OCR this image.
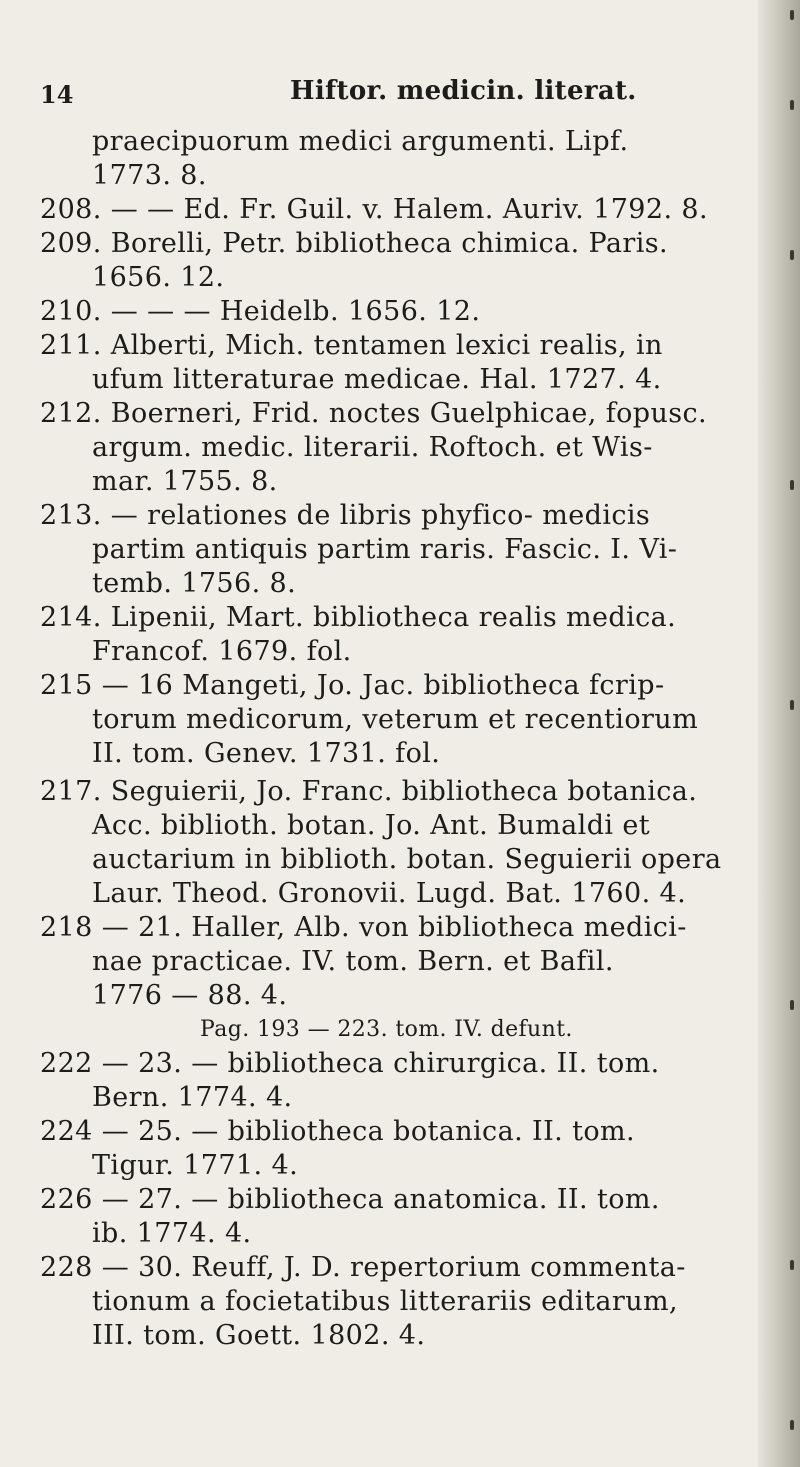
14	Hiftor. medicin. literat.
praecipuorum medici argumenti. Lipf.
1773. 8.
208. — — Ed. Fr. Guil. v. Halem. Auriv. 1792. 8.
209. Borelli, Petr. bibliotheca chimica. Paris.
1656. 12.
210. — — — Heidelb. 1656. 12.
211. Alberti, Mich. tentamen lexici realis, in
ufum litteraturae medicae. Hal. 1727. 4.
212. Boerneri, Frid. noctes Guelphicae, fopusc.
argum. medic. literarii. Roftoch. et Wis-
mar. 1755. 8.
213. — relationes de libris phyfico- medicis
partim antiquis partim raris. Fascic. I. Vi-
temb. 1756. 8.
214. Lipenii, Mart. bibliotheca realis medica.
Francof. 1679. fol.
215 — 16 Mangeti, Jo. Jac. bibliotheca fcrip-
torum medicorum, veterum et recentiorum
II. tom. Genev. 1731. fol.
217. Seguierii, Jo. Franc. bibliotheca botanica.
Acc. biblioth. botan. Jo. Ant. Bumaldi et
auctarium in biblioth. botan. Seguierii opera
Laur. Theod. Gronovii. Lugd. Bat. 1760. 4.
218 — 21. Haller, Alb. von bibliotheca medici-
nae practicae. IV. tom. Bern. et Bafil.
1776 — 88. 4.
Pag. 193 — 223. tom. IV. defunt.
222 — 23. — bibliotheca chirurgica. II. tom.
Bern. 1774. 4.
224 — 25. — bibliotheca botanica. II. tom.
Tigur. 1771. 4.
226 — 27. — bibliotheca anatomica. II. tom.
ib. 1774. 4.
228 — 30. Reuff, J. D. repertorium commenta-
tionum a focietatibus litterariis editarum,
III. tom. Goett. 1802. 4.
